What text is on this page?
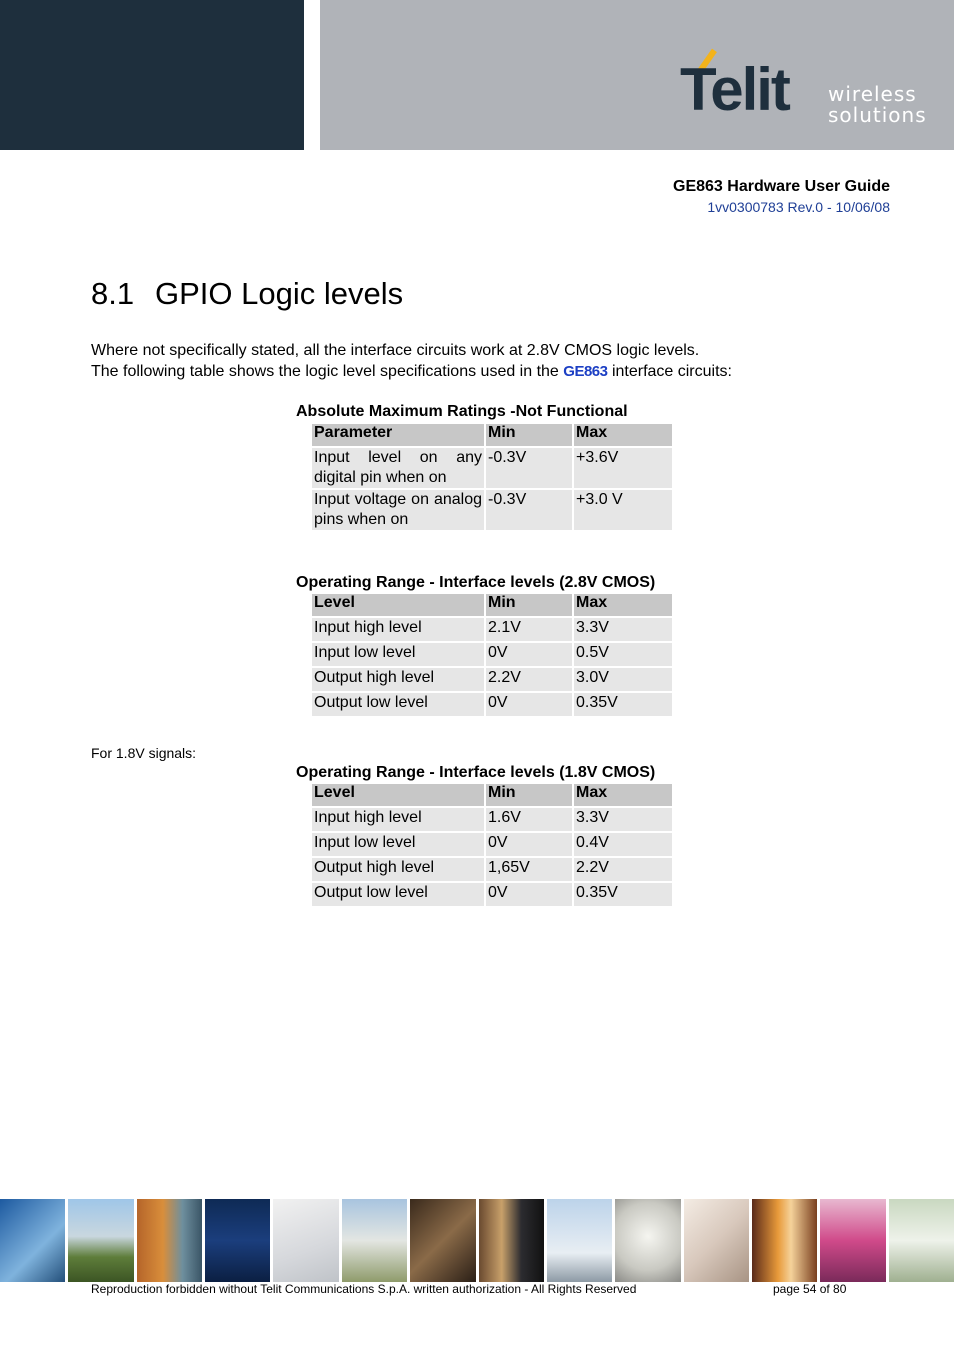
Telit wireless
solutions
GE863 Hardware User Guide
1vv0300783 Rev.0 - 10/06/08
8.1 GPIO Logic levels
Where not specifically stated, all the interface circuits work at 2.8V CMOS logic levels.
The following table shows the logic level specifications used in the GE863 interface circuits:
Absolute Maximum Ratings -Not Functional
Parameter	Min	Max
Input level on any digital pin when on	-0.3V	+3.6V
Input voltage on analog pins when on	-0.3V	+3.0 V
Operating Range - Interface levels (2.8V CMOS)
Level	Min	Max
Input high level	2.1V	3.3V
Input low level	0V	0.5V
Output high level	2.2V	3.0V
Output low level	0V	0.35V
For 1.8V signals:
Operating Range - Interface levels (1.8V CMOS)
Level	Min	Max
Input high level	1.6V	3.3V
Input low level	0V	0.4V
Output high level	1,65V	2.2V
Output low level	0V	0.35V
Reproduction forbidden without Telit Communications S.p.A. written authorization - All Rights Reserved	page 54 of 80
